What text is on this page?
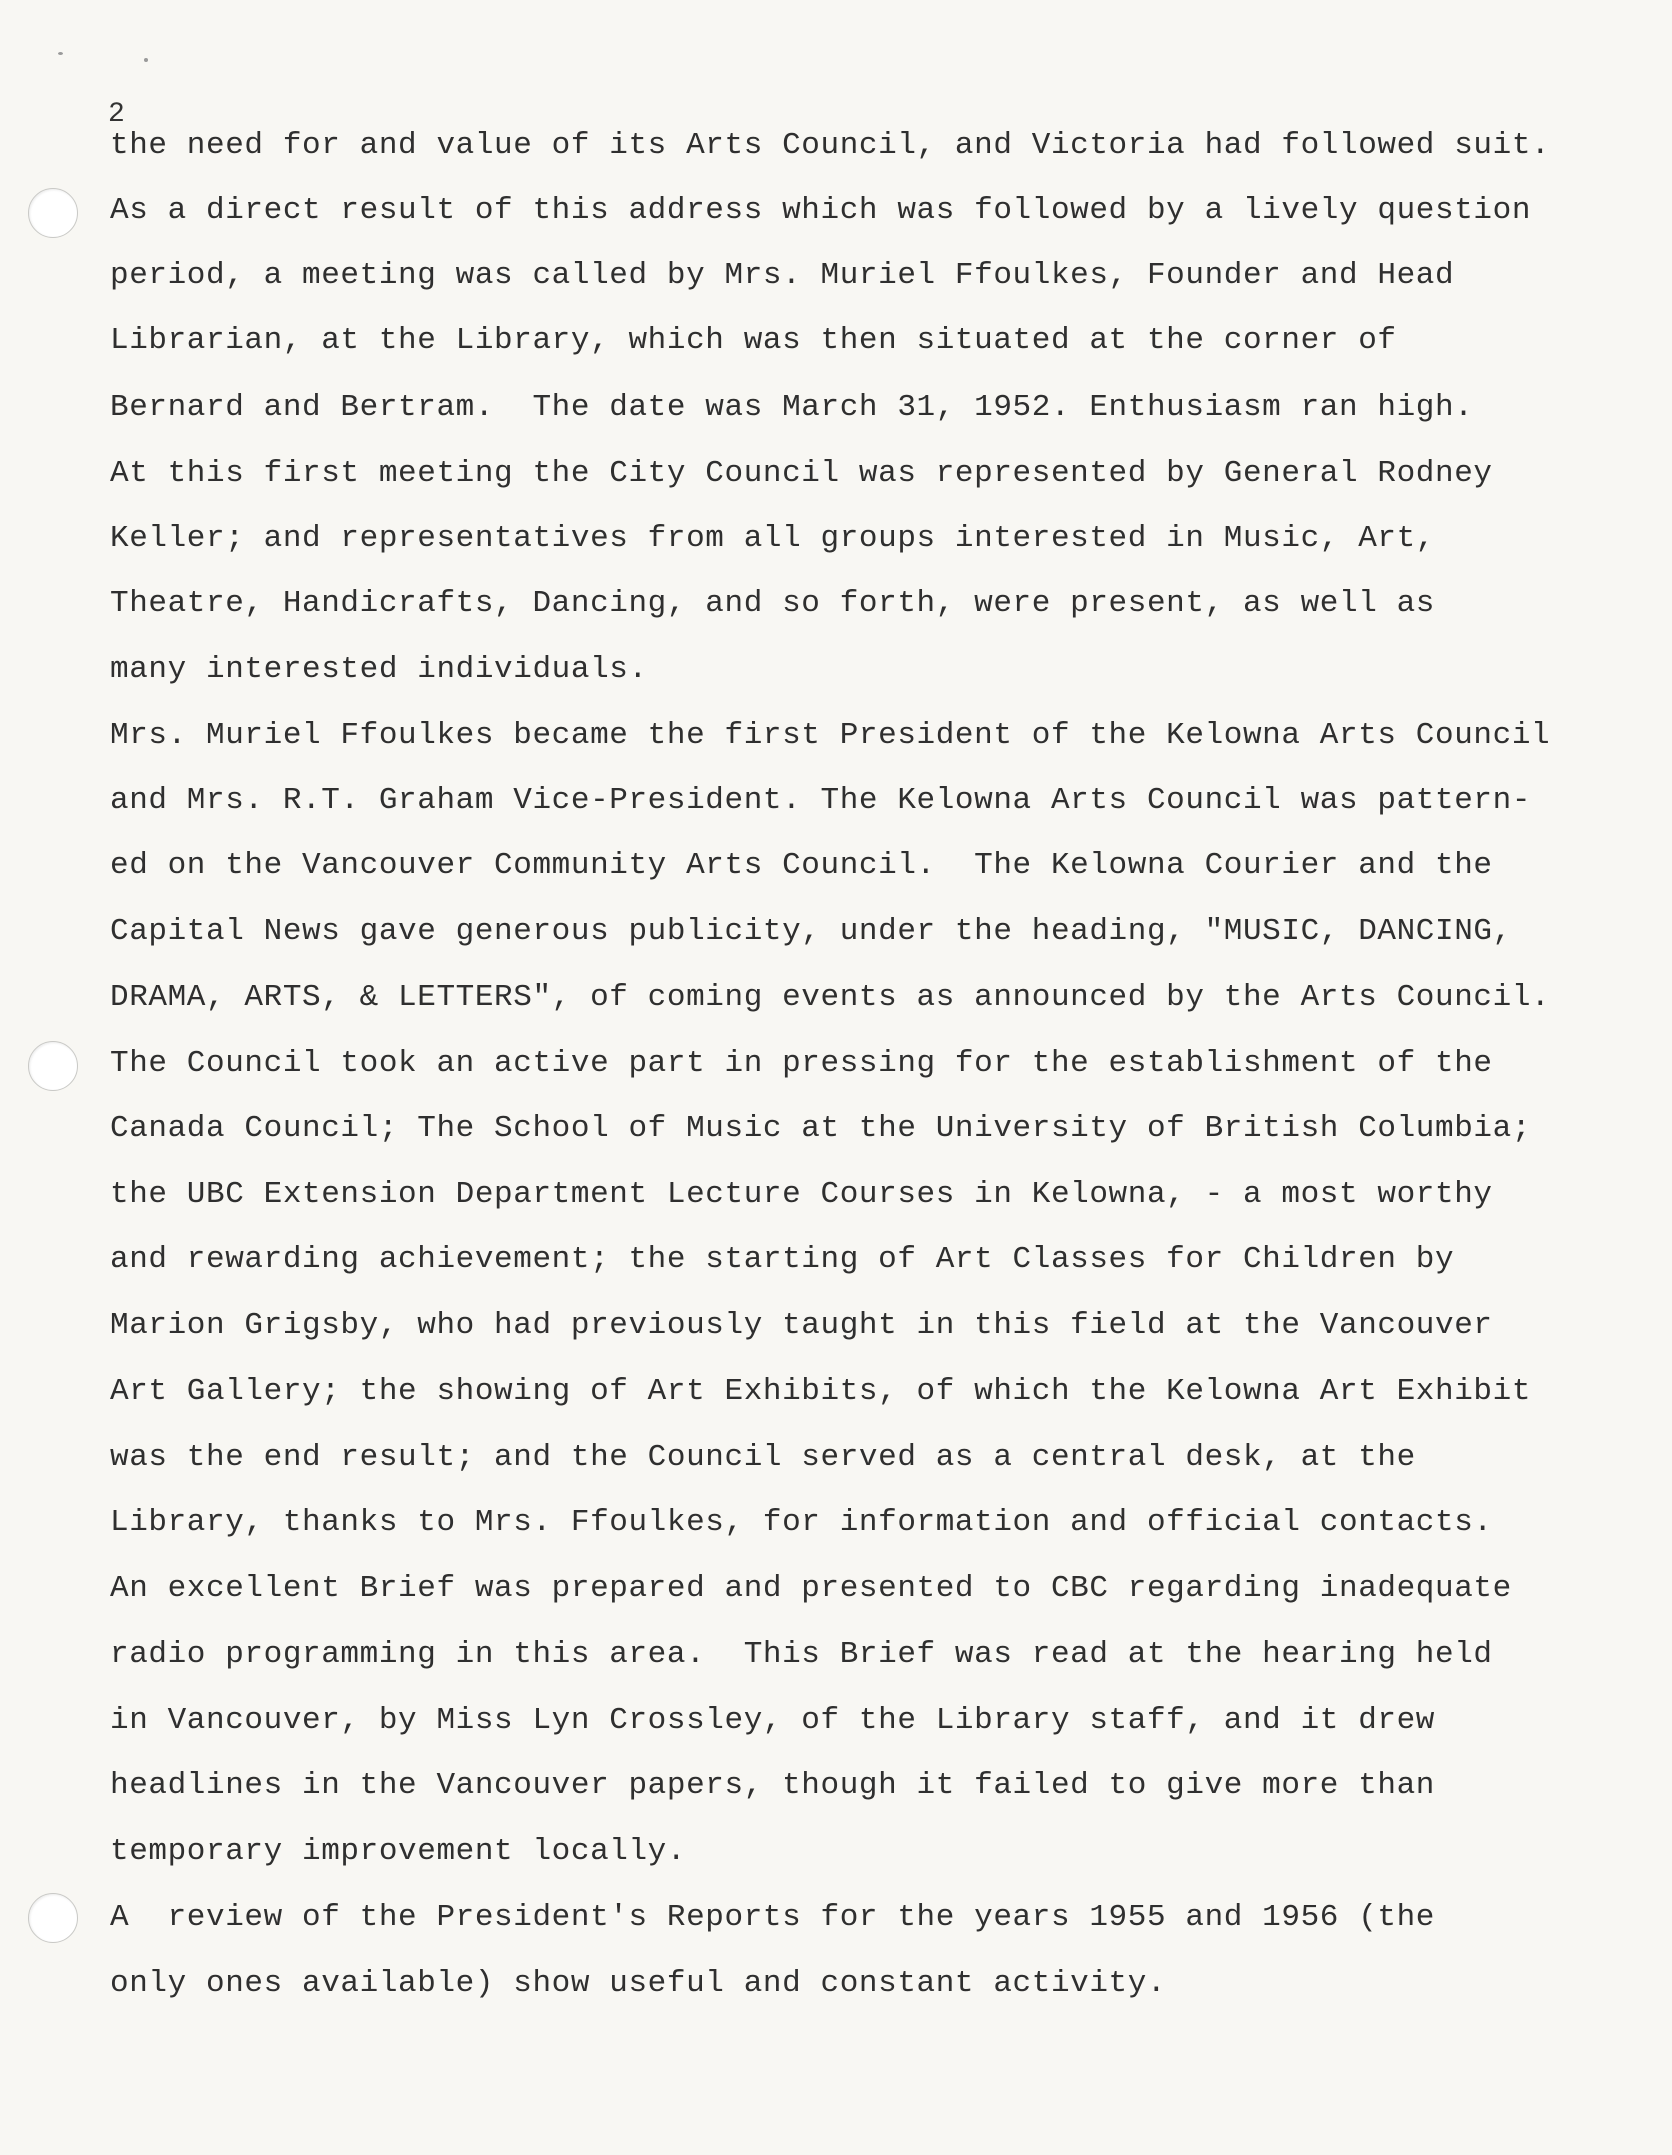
2
the need for and value of its Arts Council, and Victoria had followed suit.
As a direct result of this address which was followed by a lively question
period, a meeting was called by Mrs. Muriel Ffoulkes, Founder and Head
Librarian, at the Library, which was then situated at the corner of
Bernard and Bertram.  The date was March 31, 1952. Enthusiasm ran high.
At this first meeting the City Council was represented by General Rodney
Keller; and representatives from all groups interested in Music, Art,
Theatre, Handicrafts, Dancing, and so forth, were present, as well as
many interested individuals.
Mrs. Muriel Ffoulkes became the first President of the Kelowna Arts Council
and Mrs. R.T. Graham Vice-President. The Kelowna Arts Council was pattern-
ed on the Vancouver Community Arts Council.  The Kelowna Courier and the
Capital News gave generous publicity, under the heading, "MUSIC, DANCING,
DRAMA, ARTS, & LETTERS", of coming events as announced by the Arts Council.
The Council took an active part in pressing for the establishment of the
Canada Council; The School of Music at the University of British Columbia;
the UBC Extension Department Lecture Courses in Kelowna, - a most worthy
and rewarding achievement; the starting of Art Classes for Children by
Marion Grigsby, who had previously taught in this field at the Vancouver
Art Gallery; the showing of Art Exhibits, of which the Kelowna Art Exhibit
was the end result; and the Council served as a central desk, at the
Library, thanks to Mrs. Ffoulkes, for information and official contacts.
An excellent Brief was prepared and presented to CBC regarding inadequate
radio programming in this area.  This Brief was read at the hearing held
in Vancouver, by Miss Lyn Crossley, of the Library staff, and it drew
headlines in the Vancouver papers, though it failed to give more than
temporary improvement locally.
A  review of the President's Reports for the years 1955 and 1956 (the
only ones available) show useful and constant activity.
